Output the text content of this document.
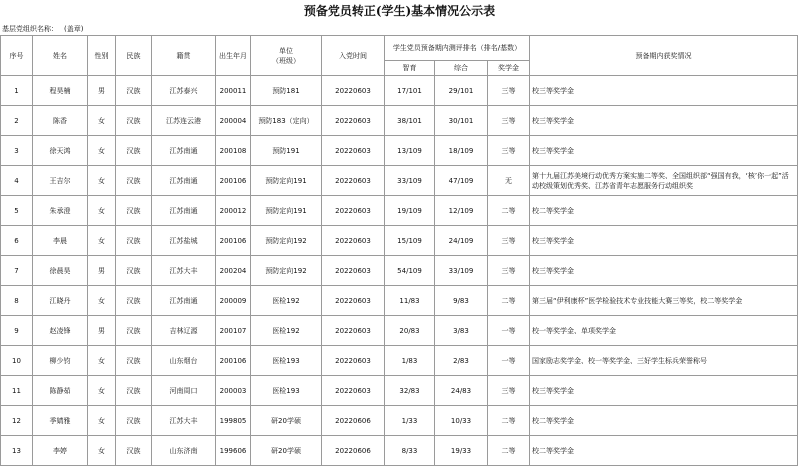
预备党员转正(学生)基本情况公示表
基层党组织名称： (盖章)
序号	姓名	性别	民族	籍贯	出生年月	单位
（班级）	入党时间	学生党员预备期内测评排名（排名/基数）			预备期内获奖情况
								智育	综合	奖学金	
1	程昊楠	男	汉族	江苏泰兴	200011	预防181	20220603	17/101	29/101	三等	校三等奖学金
2	陈香	女	汉族	江苏连云港	200004	预防183（定向）	20220603	38/101	30/101	三等	校三等奖学金
3	徐天鸿	女	汉族	江苏南通	200108	预防191	20220603	13/109	18/109	三等	校三等奖学金
4	王吉尔	女	汉族	江苏南通	200106	预防定向191	20220603	33/109	47/109	无	第十九届江苏美境行动优秀方案实施二等奖、全国组织部“强国有我，‘核’你一起”活动校级策划优秀奖、江苏省青年志愿服务行动组织奖
5	朱承澄	女	汉族	江苏南通	200012	预防定向191	20220603	19/109	12/109	二等	校二等奖学金
6	李晨	女	汉族	江苏盐城	200106	预防定向192	20220603	15/109	24/109	三等	校三等奖学金
7	徐晨昊	男	汉族	江苏大丰	200204	预防定向192	20220603	54/109	33/109	三等	校三等奖学金
8	江晓丹	女	汉族	江苏南通	200009	医检192	20220603	11/83	9/83	二等	第三届“伊利康杯”医学检验技术专业技能大赛三等奖，校二等奖学金
9	赵凌锋	男	汉族	吉林辽源	200107	医检192	20220603	20/83	3/83	一等	校一等奖学金、单项奖学金
10	柳少钧	女	汉族	山东烟台	200106	医检193	20220603	1/83	2/83	一等	国家励志奖学金、校一等奖学金、三好学生标兵荣誉称号
11	陈静茹	女	汉族	河南周口	200003	医检193	20220603	32/83	24/83	三等	校三等奖学金
12	季婧雅	女	汉族	江苏大丰	199805	研20学硕	20220606	1/33	10/33	二等	校二等奖学金
13	李婷	女	汉族	山东济南	199606	研20学硕	20220606	8/33	19/33	二等	校二等奖学金
